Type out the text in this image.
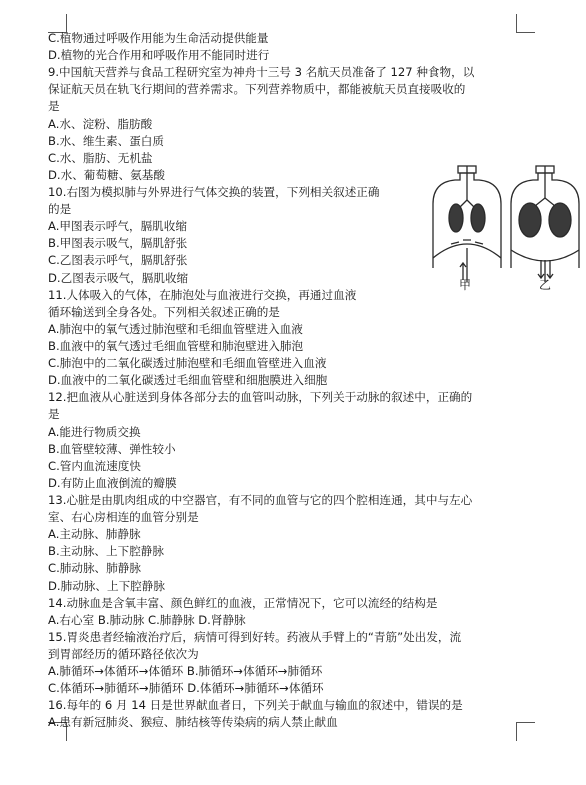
C.植物通过呼吸作用能为生命活动提供能量
D.植物的光合作用和呼吸作用不能同时进行
9.中国航天营养与食品工程研究室为神舟十三号 3 名航天员准备了 127 种食物，以
保证航天员在轨飞行期间的营养需求。下列营养物质中，都能被航天员直接吸收的
是
A.水、淀粉、脂肪酸
B.水、维生素、蛋白质
C.水、脂肪、无机盐
D.水、葡萄糖、氨基酸
10.右图为模拟肺与外界进行气体交换的装置，下列相关叙述正确
的是
A.甲图表示呼气，膈肌收缩
B.甲图表示吸气，膈肌舒张
C.乙图表示呼气，膈肌舒张
D.乙图表示吸气，膈肌收缩
11.人体吸入的气体，在肺泡处与血液进行交换，再通过血液
循环输送到全身各处。下列相关叙述正确的是
A.肺泡中的氧气透过肺泡壁和毛细血管壁进入血液
B.血液中的氧气透过毛细血管壁和肺泡壁进入肺泡
C.肺泡中的二氧化碳透过肺泡壁和毛细血管壁进入血液
D.血液中的二氧化碳透过毛细血管壁和细胞膜进入细胞
12.把血液从心脏送到身体各部分去的血管叫动脉，下列关于动脉的叙述中，正确的
是
A.能进行物质交换
B.血管壁较薄、弹性较小
C.管内血流速度快
D.有防止血液倒流的瓣膜
13.心脏是由肌肉组成的中空器官，有不同的血管与它的四个腔相连通，其中与左心
室、右心房相连的血管分别是
A.主动脉、肺静脉
B.主动脉、上下腔静脉
C.肺动脉、肺静脉
D.肺动脉、上下腔静脉
14.动脉血是含氧丰富、颜色鲜红的血液，正常情况下，它可以流经的结构是
A.右心室 B.肺动脉 C.肺静脉 D.肾静脉
15.胃炎患者经输液治疗后，病情可得到好转。药液从手臂上的“青筋”处出发，流
到胃部经历的循环路径依次为
A.肺循环→体循环→体循环 B.肺循环→体循环→肺循环
C.体循环→肺循环→肺循环 D.体循环→肺循环→体循环
16.每年的 6 月 14 日是世界献血者日，下列关于献血与输血的叙述中，错误的是
A.患有新冠肺炎、猴痘、肺结核等传染病的病人禁止献血
甲	乙
